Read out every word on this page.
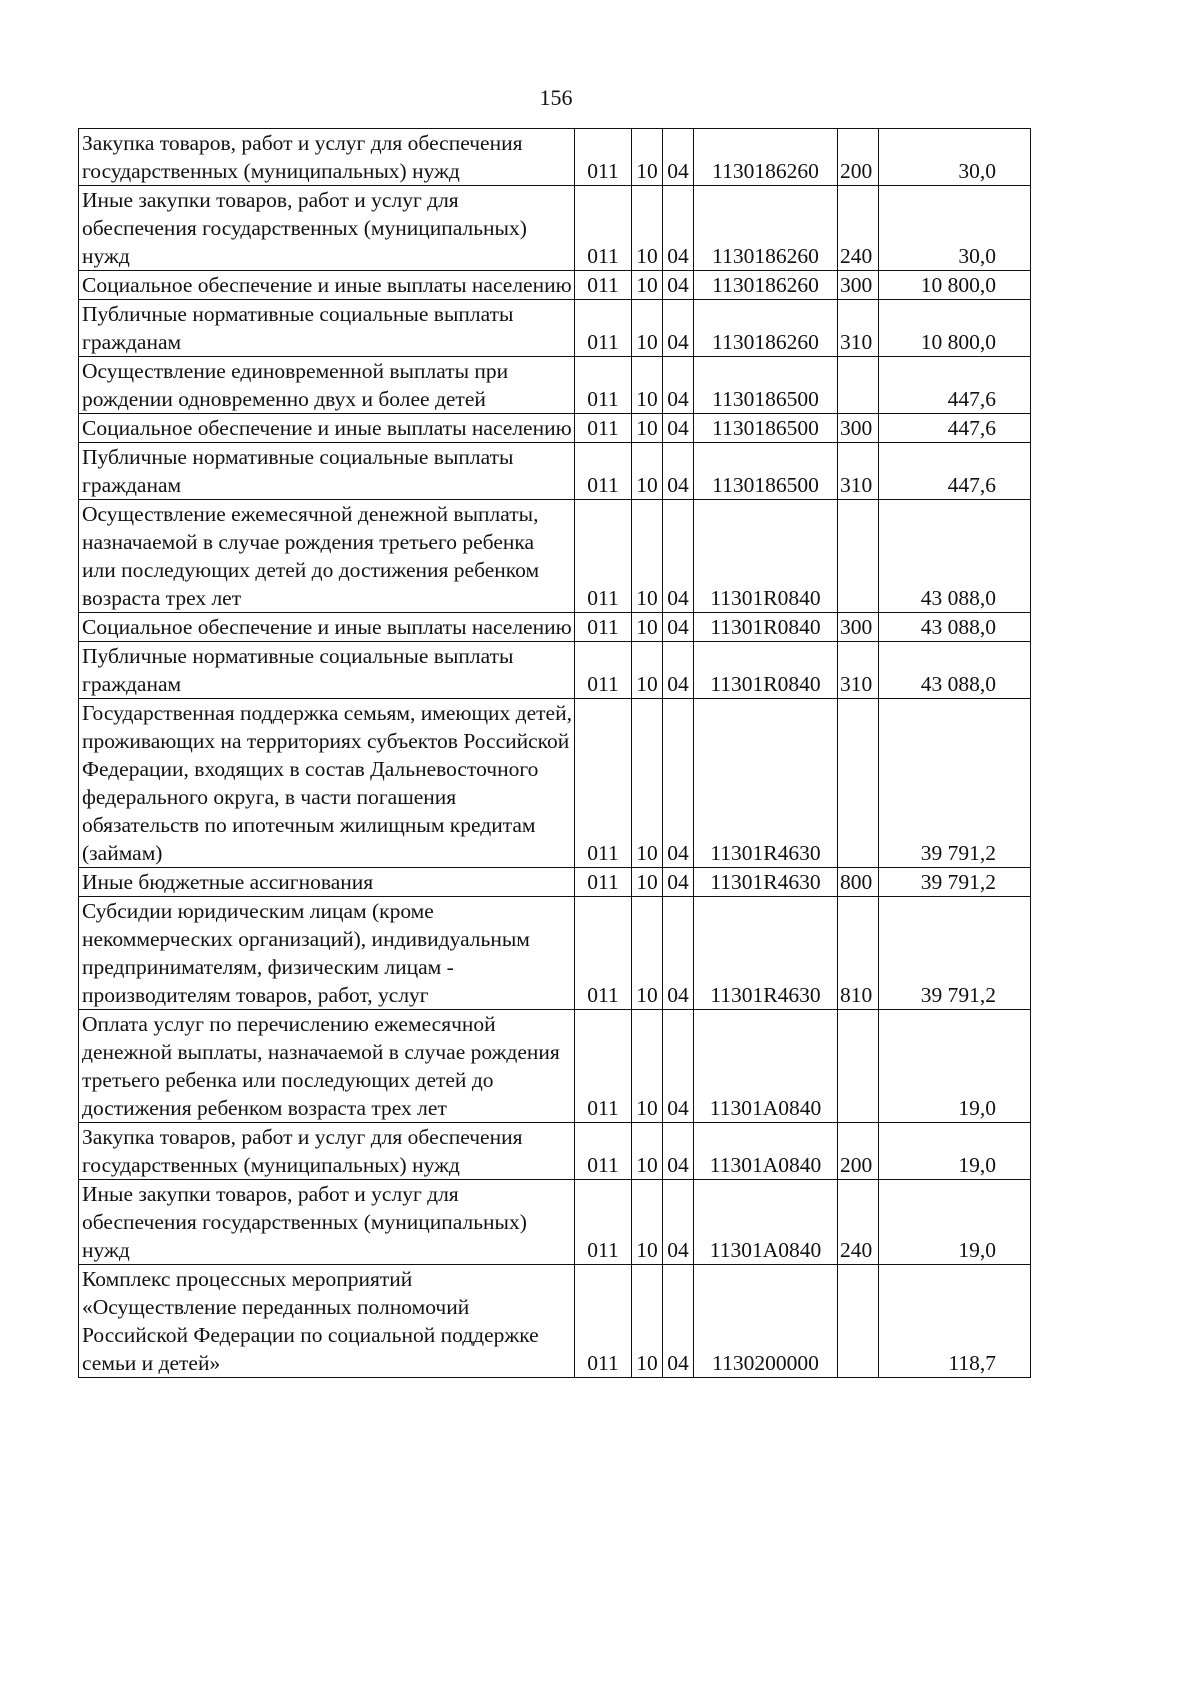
156
Закупка товаров, работ и услуг для обеспечения государственных (муниципальных) нужд	011	10	04	1130186260	200	30,0
Иные закупки товаров, работ и услуг для обеспечения государственных (муниципальных) нужд	011	10	04	1130186260	240	30,0
Социальное обеспечение и иные выплаты населению	011	10	04	1130186260	300	10 800,0
Публичные нормативные социальные выплаты гражданам	011	10	04	1130186260	310	10 800,0
Осуществление единовременной выплаты при рождении одновременно двух и более детей	011	10	04	1130186500		447,6
Социальное обеспечение и иные выплаты населению	011	10	04	1130186500	300	447,6
Публичные нормативные социальные выплаты гражданам	011	10	04	1130186500	310	447,6
Осуществление ежемесячной денежной выплаты, назначаемой в случае рождения третьего ребенка или последующих детей до достижения ребенком возраста трех лет	011	10	04	11301R0840		43 088,0
Социальное обеспечение и иные выплаты населению	011	10	04	11301R0840	300	43 088,0
Публичные нормативные социальные выплаты гражданам	011	10	04	11301R0840	310	43 088,0
Государственная поддержка семьям, имеющих детей, проживающих на территориях субъектов Российской Федерации, входящих в состав Дальневосточного федерального округа, в части погашения обязательств по ипотечным жилищным кредитам (займам)	011	10	04	11301R4630		39 791,2
Иные бюджетные ассигнования	011	10	04	11301R4630	800	39 791,2
Субсидии юридическим лицам (кроме некоммерческих организаций), индивидуальным предпринимателям, физическим лицам - производителям товаров, работ, услуг	011	10	04	11301R4630	810	39 791,2
Оплата услуг по перечислению ежемесячной денежной выплаты, назначаемой в случае рождения третьего ребенка или последующих детей до достижения ребенком возраста трех лет	011	10	04	11301A0840		19,0
Закупка товаров, работ и услуг для обеспечения государственных (муниципальных) нужд	011	10	04	11301A0840	200	19,0
Иные закупки товаров, работ и услуг для обеспечения государственных (муниципальных) нужд	011	10	04	11301A0840	240	19,0
Комплекс процессных мероприятий «Осуществление переданных полномочий Российской Федерации по социальной поддержке семьи и детей»	011	10	04	1130200000		118,7
